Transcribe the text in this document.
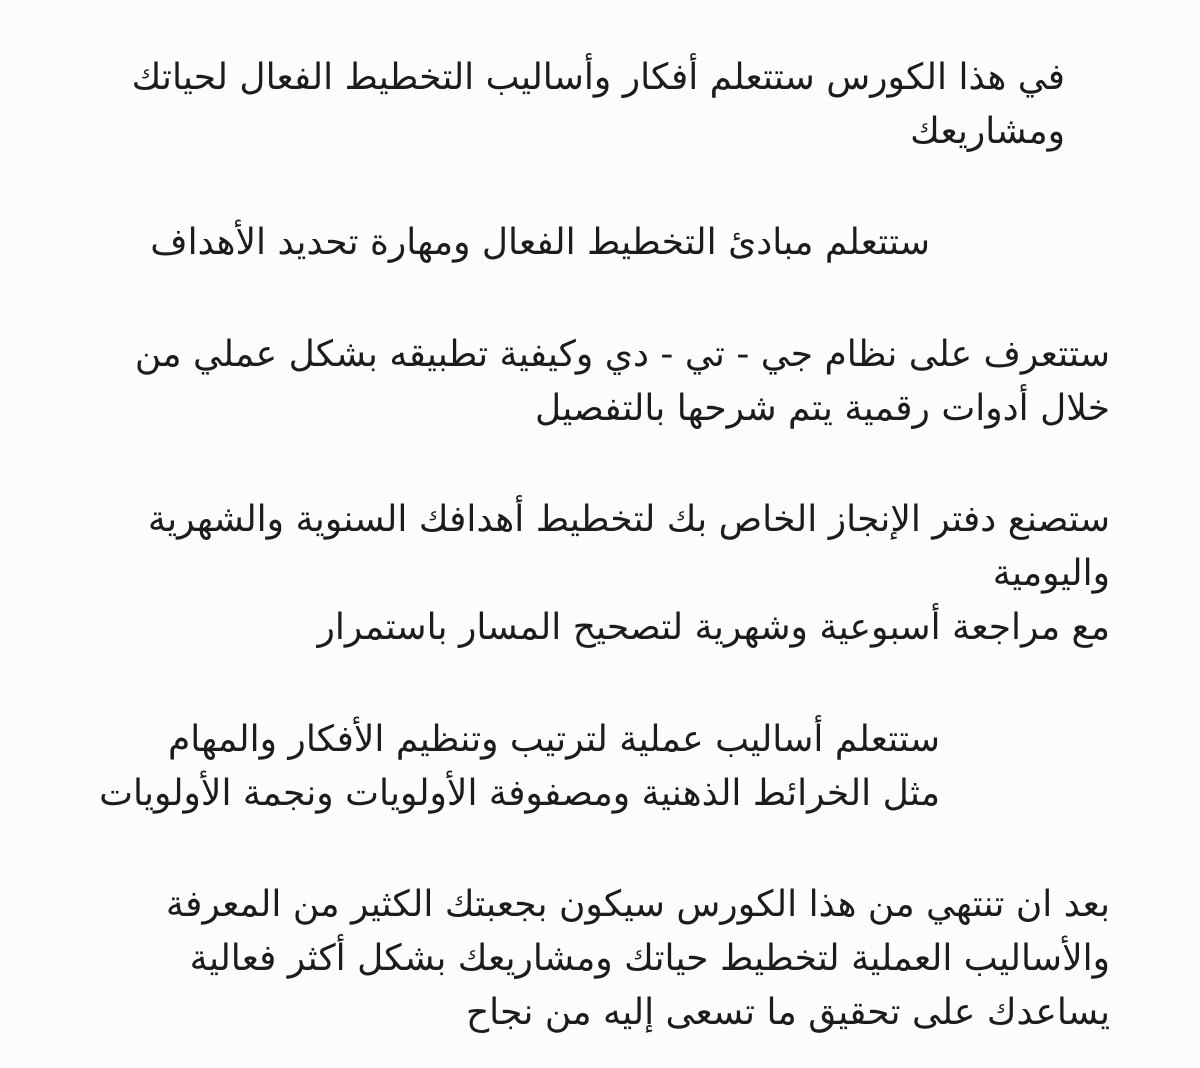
في هذا الكورس ستتعلم أفكار وأساليب التخطيط الفعال لحياتك
ومشاريعك
ستتعلم مبادئ التخطيط الفعال ومهارة تحديد الأهداف
ستتعرف على نظام جي - تي - دي وكيفية تطبيقه بشكل عملي من
خلال أدوات رقمية يتم شرحها بالتفصيل
ستصنع دفتر الإنجاز الخاص بك لتخطيط أهدافك السنوية والشهرية
واليومية
مع مراجعة أسبوعية وشهرية لتصحيح المسار باستمرار
ستتعلم أساليب عملية لترتيب وتنظيم الأفكار والمهام
مثل الخرائط الذهنية ومصفوفة الأولويات ونجمة الأولويات
بعد ان تنتهي من هذا الكورس سيكون بجعبتك الكثير من المعرفة
والأساليب العملية لتخطيط حياتك ومشاريعك بشكل أكثر فعالية
يساعدك على تحقيق ما تسعى إليه من نجاح
